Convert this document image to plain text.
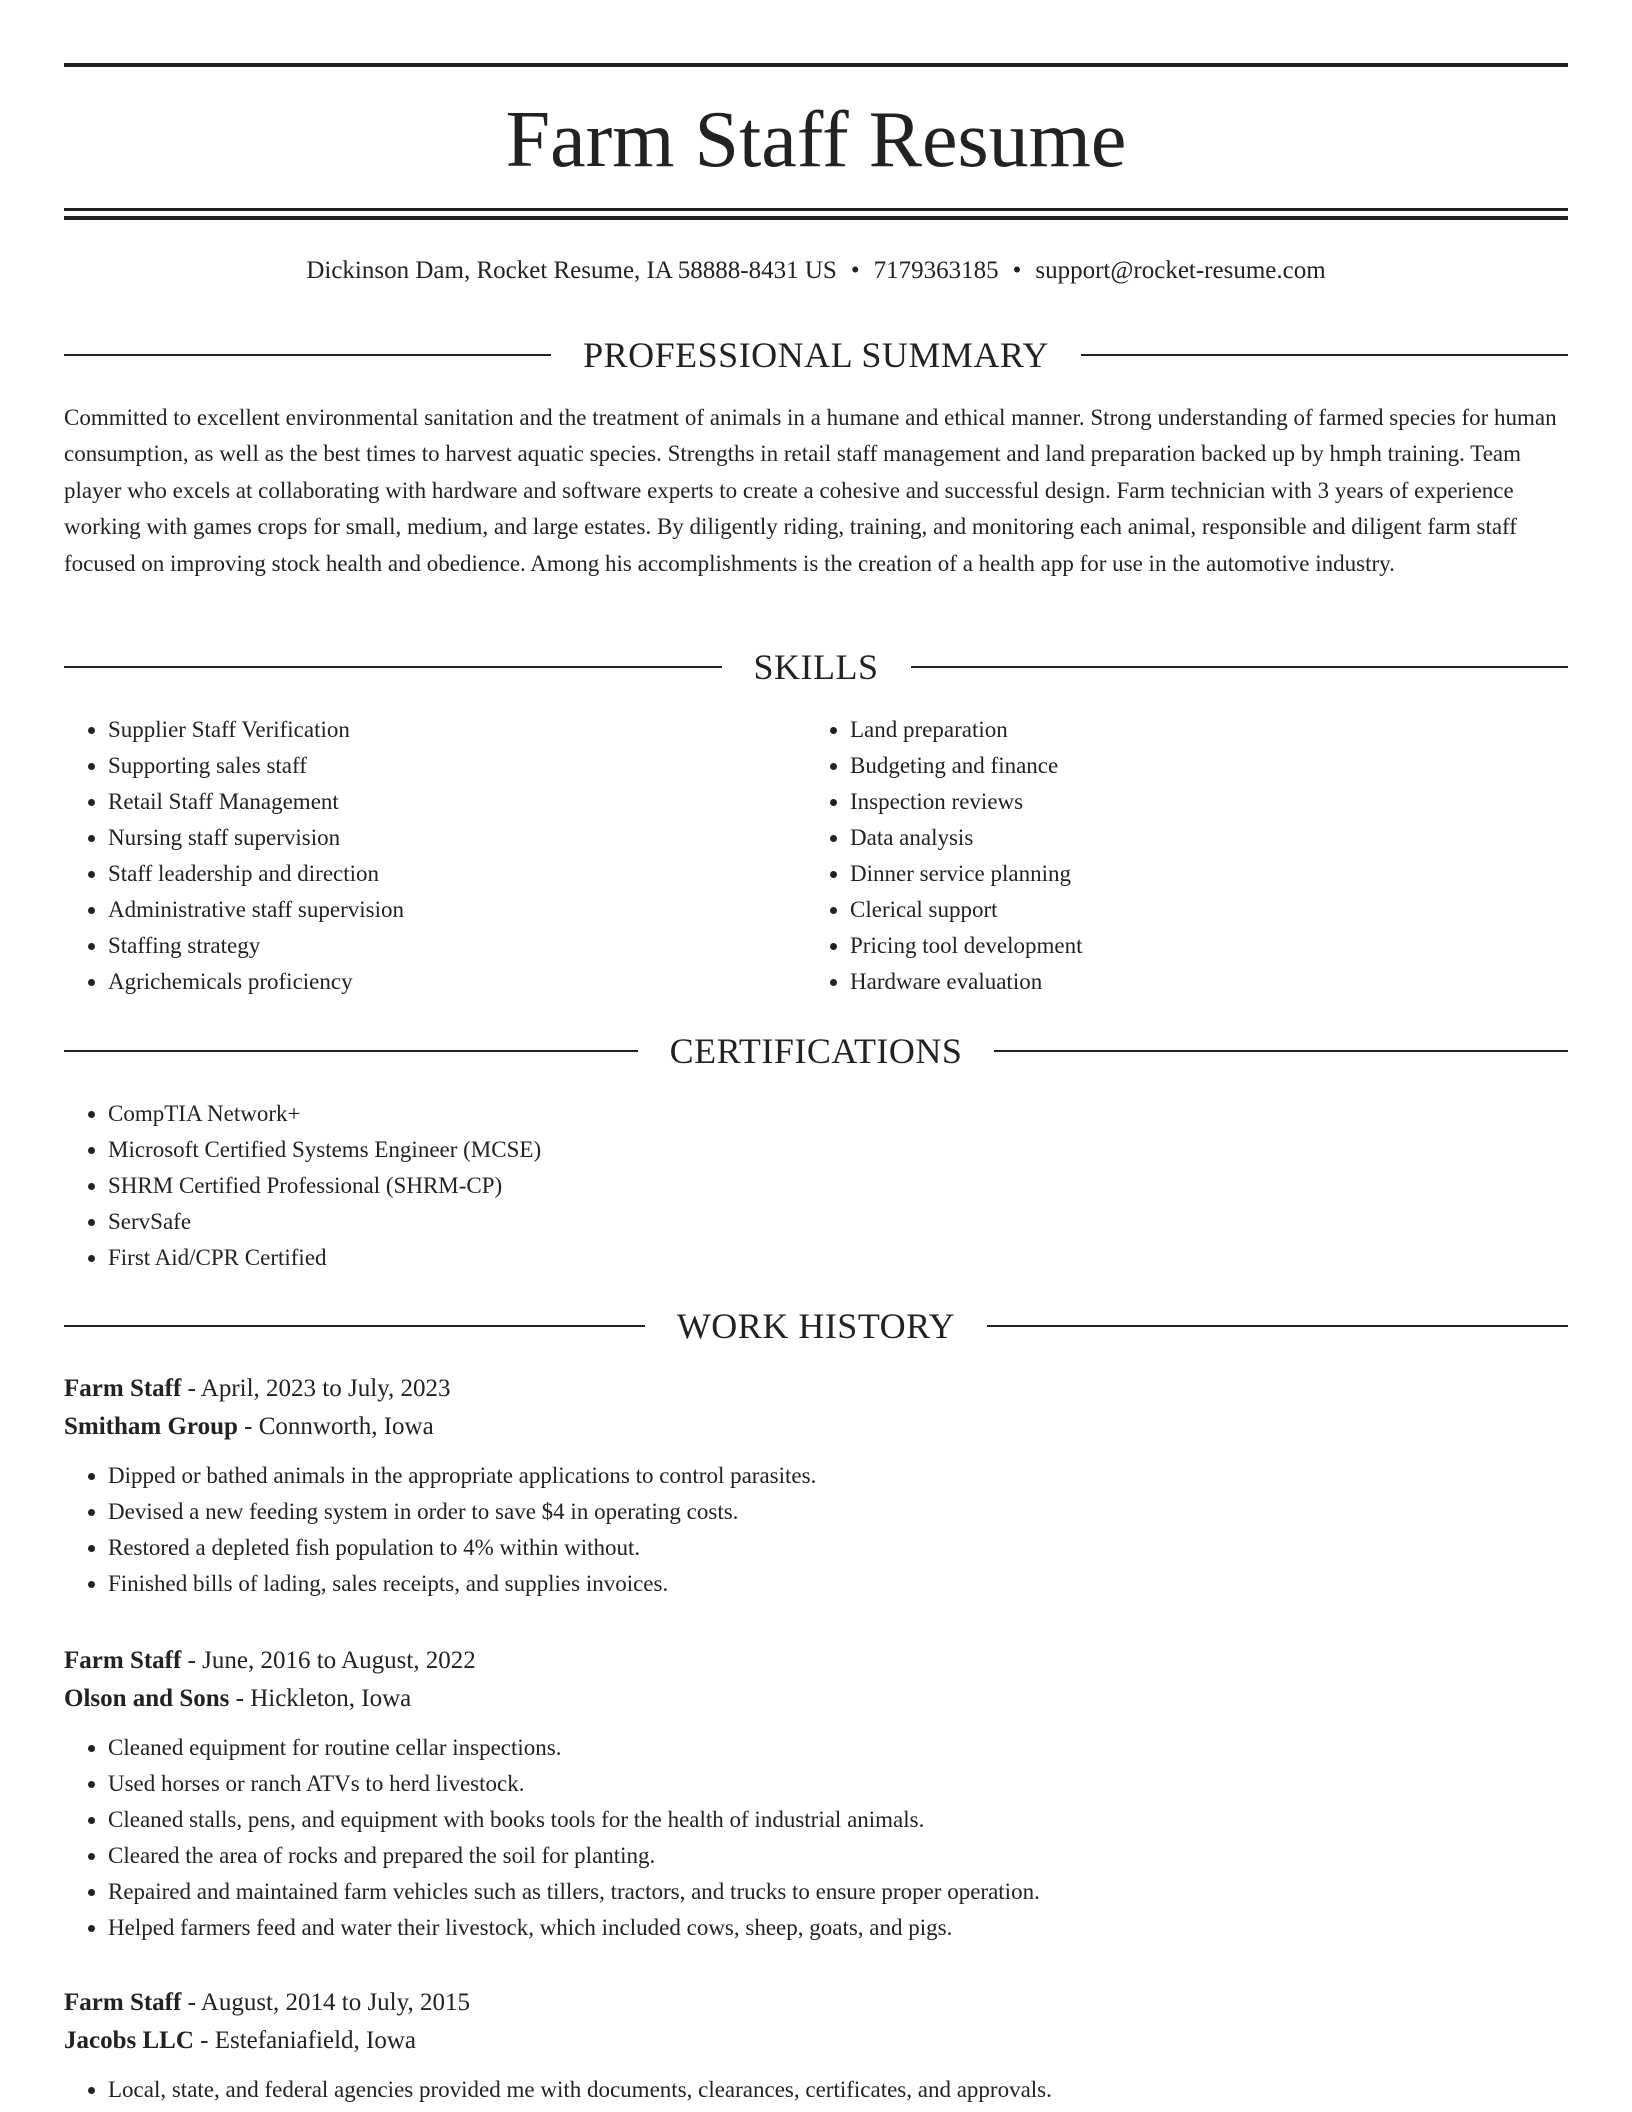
Farm Staff Resume
Dickinson Dam, Rocket Resume, IA 58888-8431 US • 7179363185 • support@rocket-resume.com
PROFESSIONAL SUMMARY

Committed to excellent environmental sanitation and the treatment of animals in a humane and ethical manner. Strong understanding of farmed species for human consumption, as well as the best times to harvest aquatic species. Strengths in retail staff management and land preparation backed up by hmph training. Team player who excels at collaborating with hardware and software experts to create a cohesive and successful design. Farm technician with 3 years of experience working with games crops for small, medium, and large estates. By diligently riding, training, and monitoring each animal, responsible and diligent farm staff focused on improving stock health and obedience. Among his accomplishments is the creation of a health app for use in the automotive industry.

SKILLS
• Supplier Staff Verification
• Supporting sales staff
• Retail Staff Management
• Nursing staff supervision
• Staff leadership and direction
• Administrative staff supervision
• Staffing strategy
• Agrichemicals proficiency
• Land preparation
• Budgeting and finance
• Inspection reviews
• Data analysis
• Dinner service planning
• Clerical support
• Pricing tool development
• Hardware evaluation
CERTIFICATIONS
• CompTIA Network+
• Microsoft Certified Systems Engineer (MCSE)
• SHRM Certified Professional (SHRM-CP)
• ServSafe
• First Aid/CPR Certified
WORK HISTORY

Farm Staff - April, 2023 to July, 2023

Smitham Group - Connworth, Iowa

• Dipped or bathed animals in the appropriate applications to control parasites.
• Devised a new feeding system in order to save $4 in operating costs.
• Restored a depleted fish population to 4% within without.
• Finished bills of lading, sales receipts, and supplies invoices.

Farm Staff - June, 2016 to August, 2022

Olson and Sons - Hickleton, Iowa

• Cleaned equipment for routine cellar inspections.
• Used horses or ranch ATVs to herd livestock.
• Cleaned stalls, pens, and equipment with books tools for the health of industrial animals.
• Cleared the area of rocks and prepared the soil for planting.
• Repaired and maintained farm vehicles such as tillers, tractors, and trucks to ensure proper operation.
• Helped farmers feed and water their livestock, which included cows, sheep, goats, and pigs.

Farm Staff - August, 2014 to July, 2015

Jacobs LLC - Estefaniafield, Iowa

• Local, state, and federal agencies provided me with documents, clearances, certificates, and approvals.
